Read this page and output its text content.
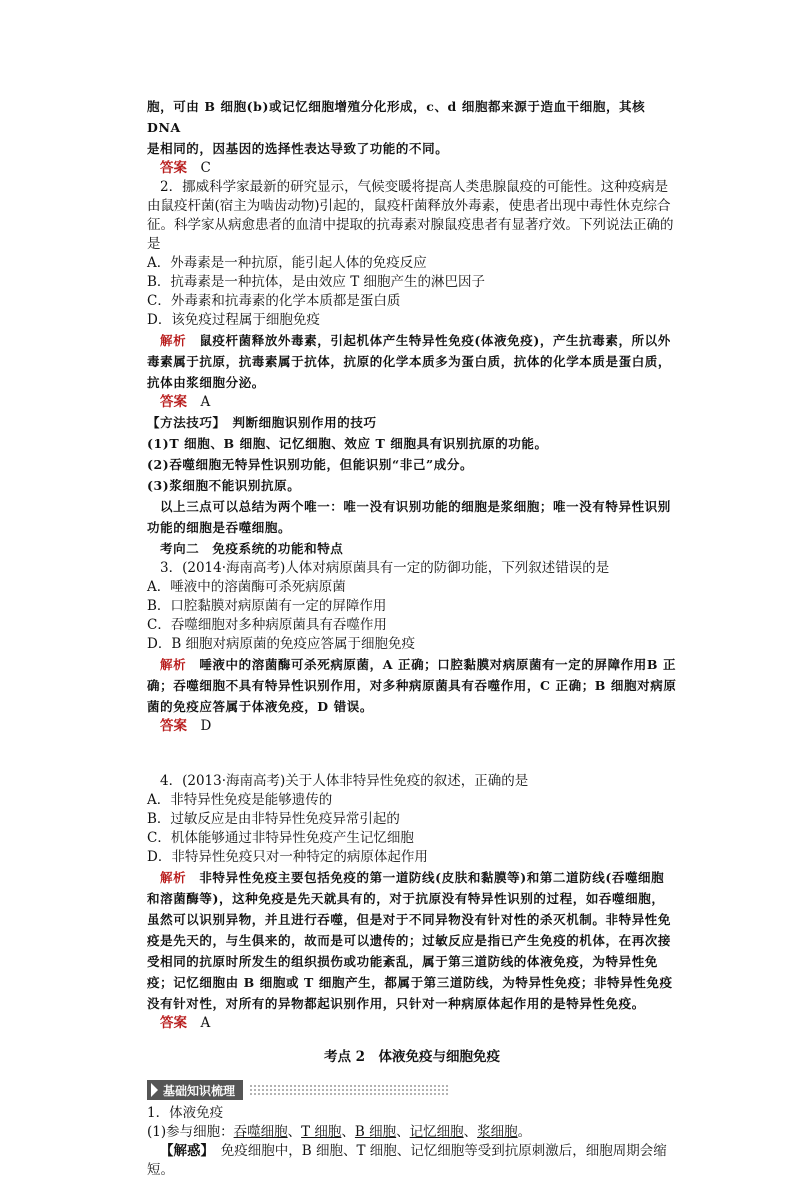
胞，可由 B 细胞(b)或记忆细胞增殖分化形成，c、d 细胞都来源于造血干细胞，其核 DNA

是相同的，因基因的选择性表达导致了功能的不同。

答案　 C

2．挪威科学家最新的研究显示，气候变暖将提高人类患腺鼠疫的可能性。这种疫病是由鼠疫杆菌(宿主为啮齿动物)引起的，鼠疫杆菌释放外毒素，使患者出现中毒性休克综合征。科学家从病愈患者的血清中提取的抗毒素对腺鼠疫患者有显著疗效。下列说法正确的是

A．外毒素是一种抗原，能引起人体的免疫反应

B．抗毒素是一种抗体，是由效应 T 细胞产生的淋巴因子

C．外毒素和抗毒素的化学本质都是蛋白质

D．该免疫过程属于细胞免疫

解析　 鼠疫杆菌释放外毒素，引起机体产生特异性免疫(体液免疫)，产生抗毒素，所以外毒素属于抗原，抗毒素属于抗体，抗原的化学本质多为蛋白质，抗体的化学本质是蛋白质，抗体由浆细胞分泌。

答案　 A

【方法技巧】　判断细胞识别作用的技巧

(1)T 细胞、B 细胞、记忆细胞、效应 T 细胞具有识别抗原的功能。

(2)吞噬细胞无特异性识别功能，但能识别“非己”成分。

(3)浆细胞不能识别抗原。

以上三点可以总结为两个唯一：唯一没有识别功能的细胞是浆细胞；唯一没有特异性识别功能的细胞是吞噬细胞。

考向二　免疫系统的功能和特点

3．(2014·海南高考)人体对病原菌具有一定的防御功能，下列叙述错误的是

A．唾液中的溶菌酶可杀死病原菌

B．口腔黏膜对病原菌有一定的屏障作用

C．吞噬细胞对多种病原菌具有吞噬作用

D．B 细胞对病原菌的免疫应答属于细胞免疫

解析　 唾液中的溶菌酶可杀死病原菌，A 正确；口腔黏膜对病原菌有一定的屏障作用B 正确；吞噬细胞不具有特异性识别作用，对多种病原菌具有吞噬作用，C 正确；B 细胞对病原菌的免疫应答属于体液免疫，D 错误。

答案　 D

4．(2013·海南高考)关于人体非特异性免疫的叙述，正确的是

A．非特异性免疫是能够遗传的

B．过敏反应是由非特异性免疫异常引起的

C．机体能够通过非特异性免疫产生记忆细胞

D．非特异性免疫只对一种特定的病原体起作用

解析　 非特异性免疫主要包括免疫的第一道防线(皮肤和黏膜等)和第二道防线(吞噬细胞和溶菌酶等)，这种免疫是先天就具有的，对于抗原没有特异性识别的过程，如吞噬细胞，虽然可以识别异物，并且进行吞噬，但是对于不同异物没有针对性的杀灭机制。非特异性免疫是先天的，与生俱来的，故而是可以遗传的；过敏反应是指已产生免疫的机体，在再次接受相同的抗原时所发生的组织损伤或功能紊乱，属于第三道防线的体液免疫，为特异性免疫；记忆细胞由 B 细胞或 T 细胞产生，都属于第三道防线，为特异性免疫；非特异性免疫没有针对性，对所有的异物都起识别作用，只针对一种病原体起作用的是特异性免疫。

答案　 A

考点 2　体液免疫与细胞免疫

基础知识梳理

1．体液免疫

(1)参与细胞：吞噬细胞、T 细胞、B 细胞、记忆细胞、浆细胞。

【解惑】　 免疫细胞中，B 细胞、T 细胞、记忆细胞等受到抗原刺激后，细胞周期会缩短。
